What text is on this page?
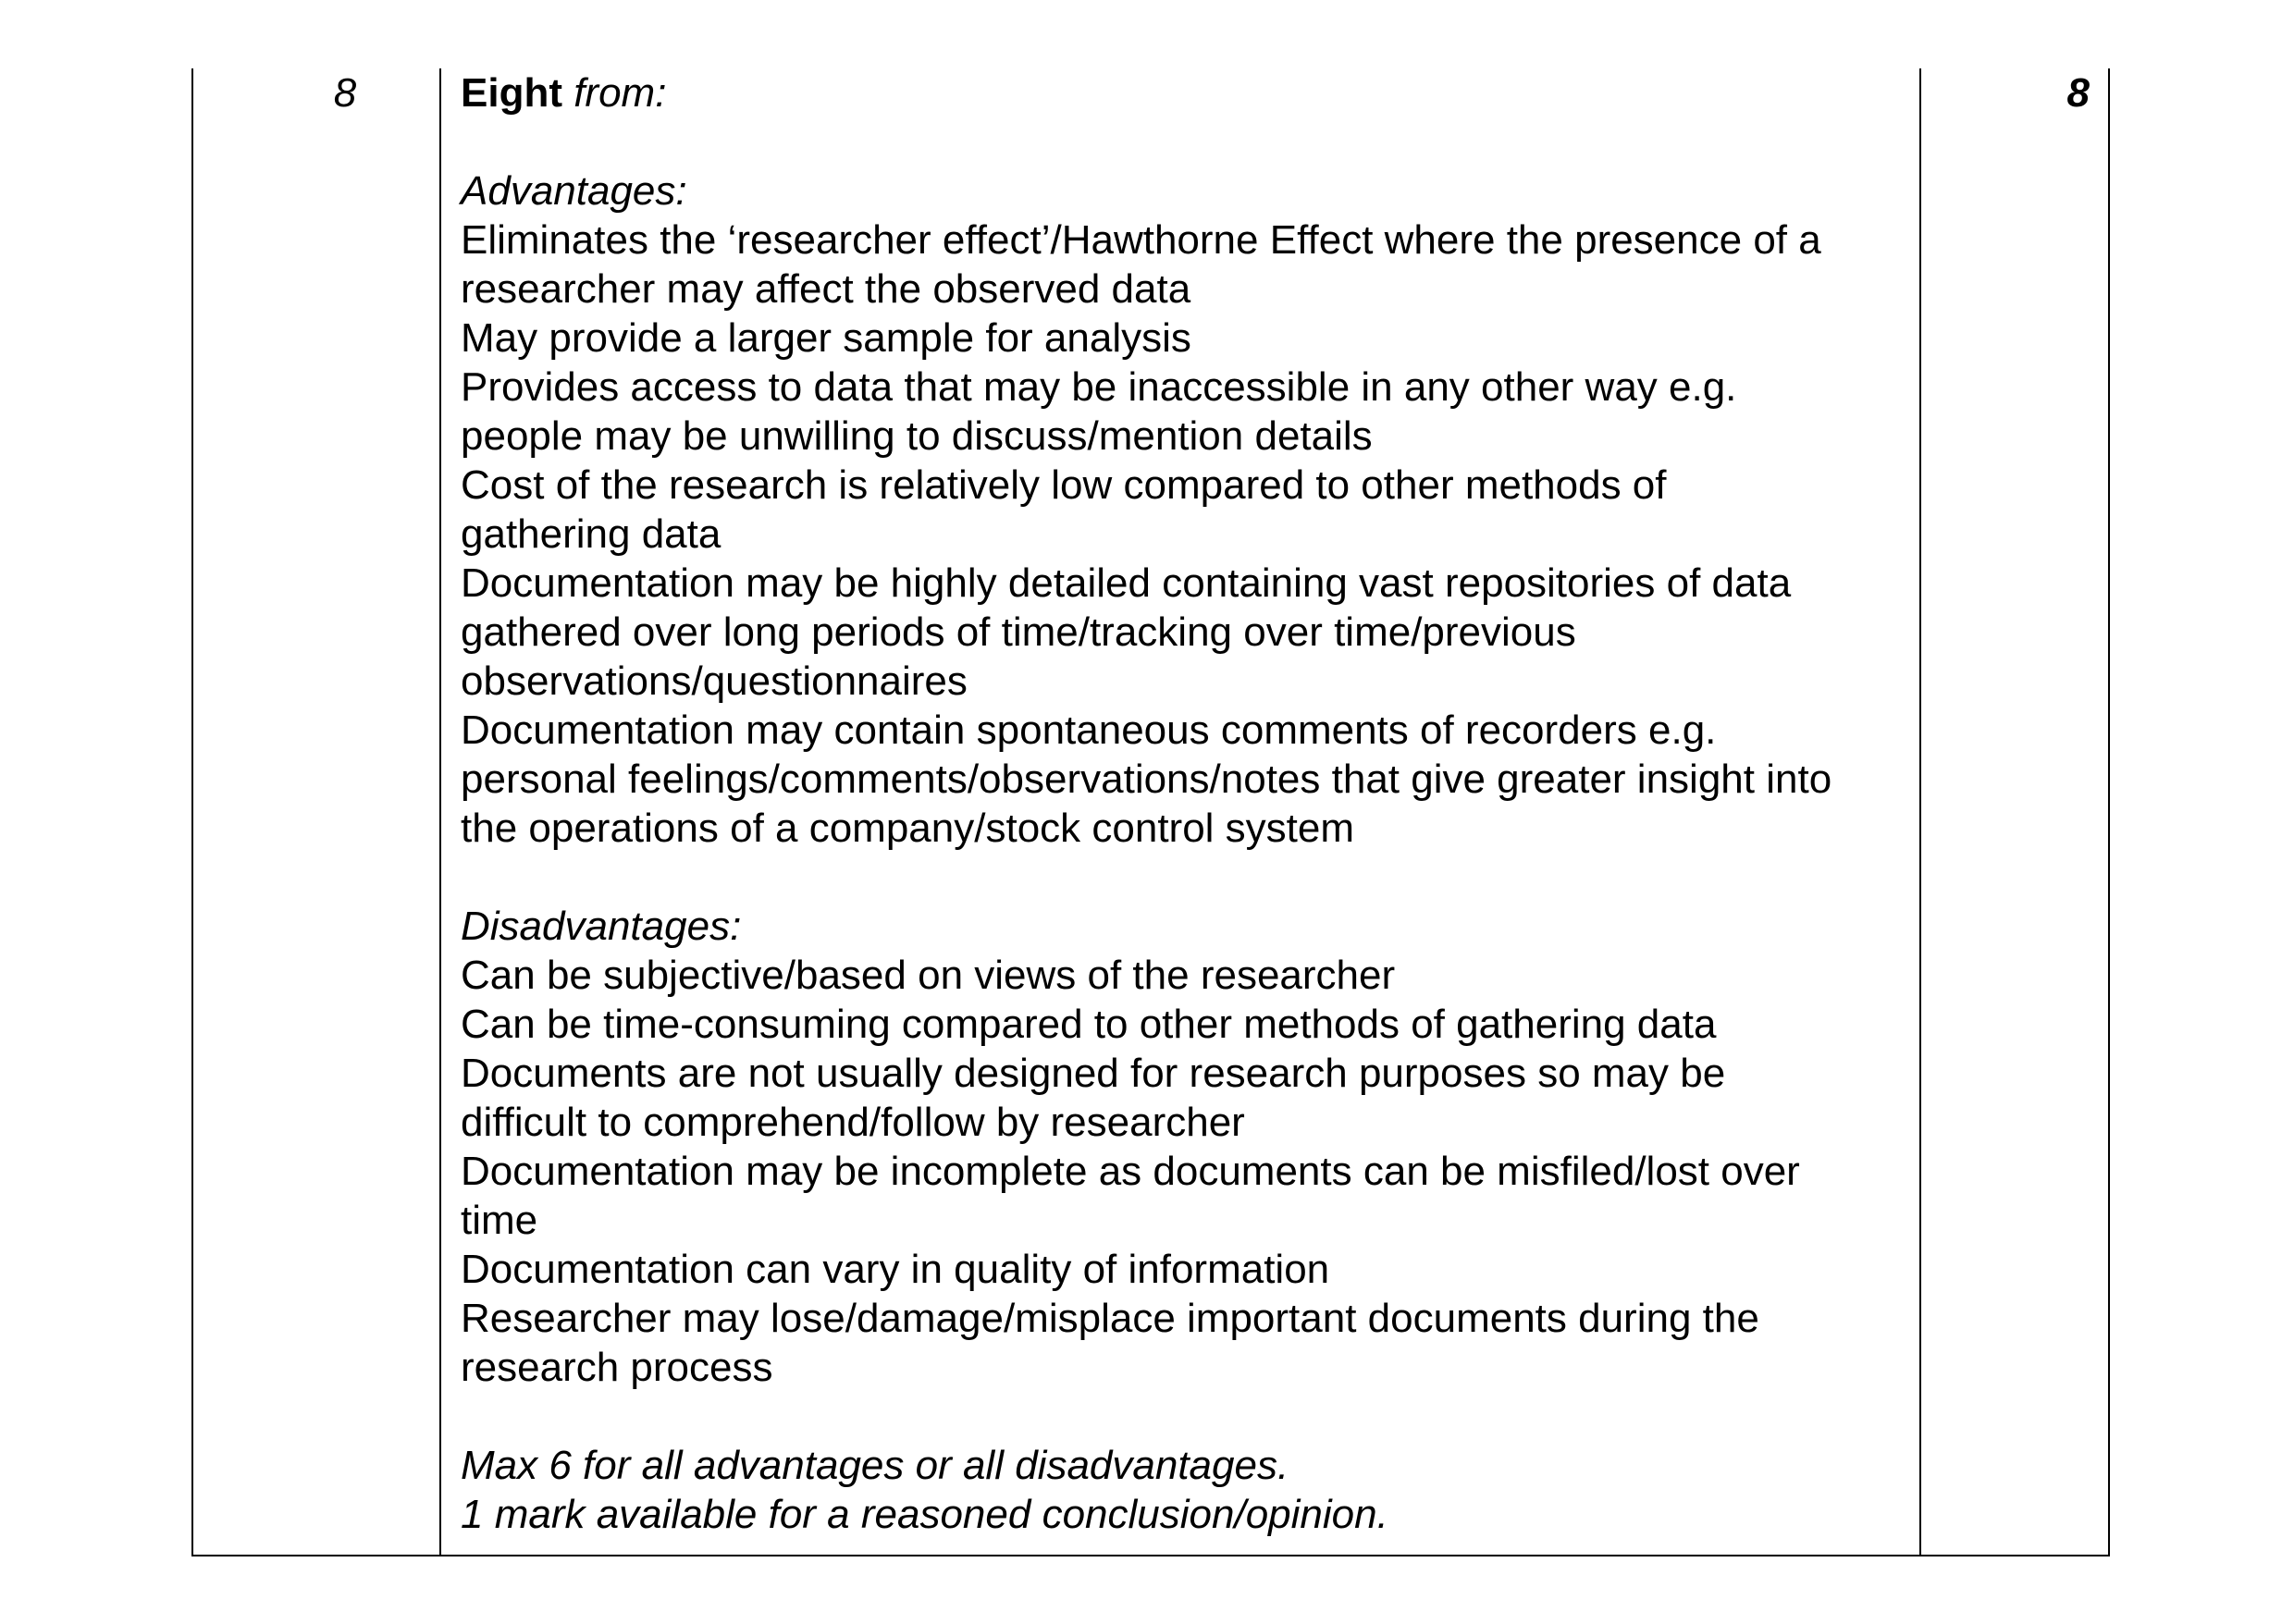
8	Eight from:
Advantages:
Eliminates the ‘researcher effect’/Hawthorne Effect where the presence of a
researcher may affect the observed data
May provide a larger sample for analysis
Provides access to data that may be inaccessible in any other way e.g.
people may be unwilling to discuss/mention details
Cost of the research is relatively low compared to other methods of
gathering data
Documentation may be highly detailed containing vast repositories of data
gathered over long periods of time/tracking over time/previous
observations/questionnaires
Documentation may contain spontaneous comments of recorders e.g.
personal feelings/comments/observations/notes that give greater insight into
the operations of a company/stock control system
Disadvantages:
Can be subjective/based on views of the researcher
Can be time-consuming compared to other methods of gathering data
Documents are not usually designed for research purposes so may be
difficult to comprehend/follow by researcher
Documentation may be incomplete as documents can be misfiled/lost over
time
Documentation can vary in quality of information
Researcher may lose/damage/misplace important documents during the
research process
Max 6 for all advantages or all disadvantages.
1 mark available for a reasoned conclusion/opinion.
8
